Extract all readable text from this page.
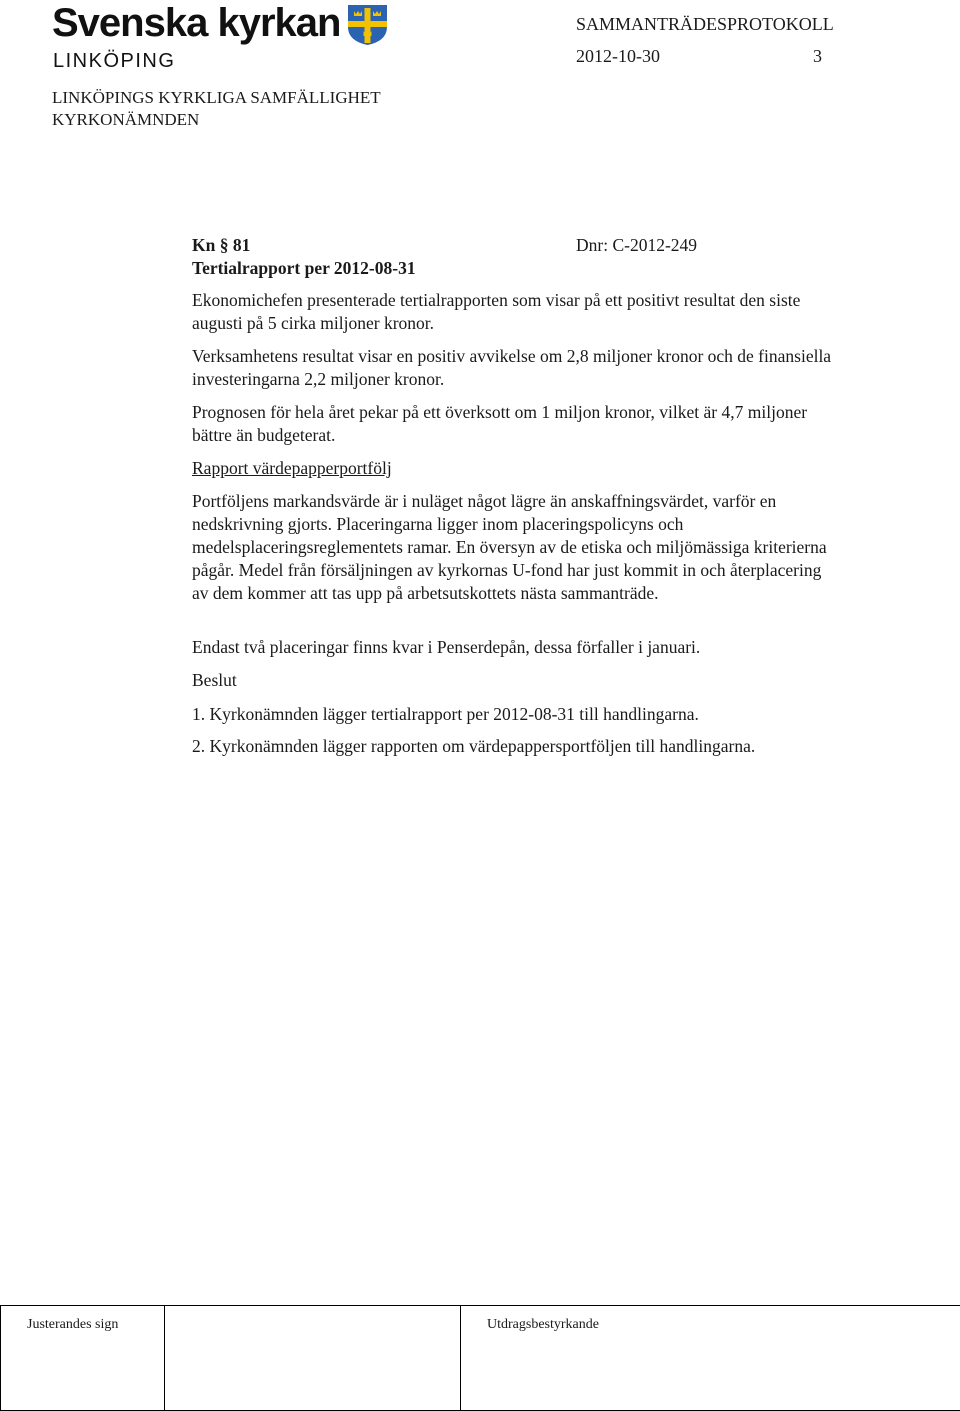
Svenska kyrkan
LINKÖPING
SAMMANTRÄDESPROTOKOLL
2012-10-30	3
LINKÖPINGS KYRKLIGA SAMFÄLLIGHET
KYRKONÄMNDEN
Kn § 81	Dnr: C-2012-249
Tertialrapport per 2012-08-31

Ekonomichefen presenterade tertialrapporten som visar på ett positivt resultat den siste augusti på 5 cirka miljoner kronor.

Verksamhetens resultat visar en positiv avvikelse om 2,8 miljoner kronor och de finansiella investeringarna 2,2 miljoner kronor.

Prognosen för hela året pekar på ett överksott om 1 miljon kronor, vilket är 4,7 miljoner bättre än budgeterat.

Rapport värdepapperportfölj

Portföljens markandsvärde är i nuläget något lägre än anskaffningsvärdet, varför en nedskrivning gjorts. Placeringarna ligger inom placeringspolicyns och medelsplaceringsreglementets ramar. En översyn av de etiska och miljömässiga kriterierna pågår. Medel från försäljningen av kyrkornas U-fond har just kommit in och återplacering av dem kommer att tas upp på arbetsutskottets nästa sammanträde.

Endast två placeringar finns kvar i Penserdepån, dessa förfaller i januari.

Beslut
1. Kyrkonämnden lägger tertialrapport per 2012-08-31 till handlingarna.
2. Kyrkonämnden lägger rapporten om värdepappersportföljen till handlingarna.
Justerandes sign		Utdragsbestyrkande
